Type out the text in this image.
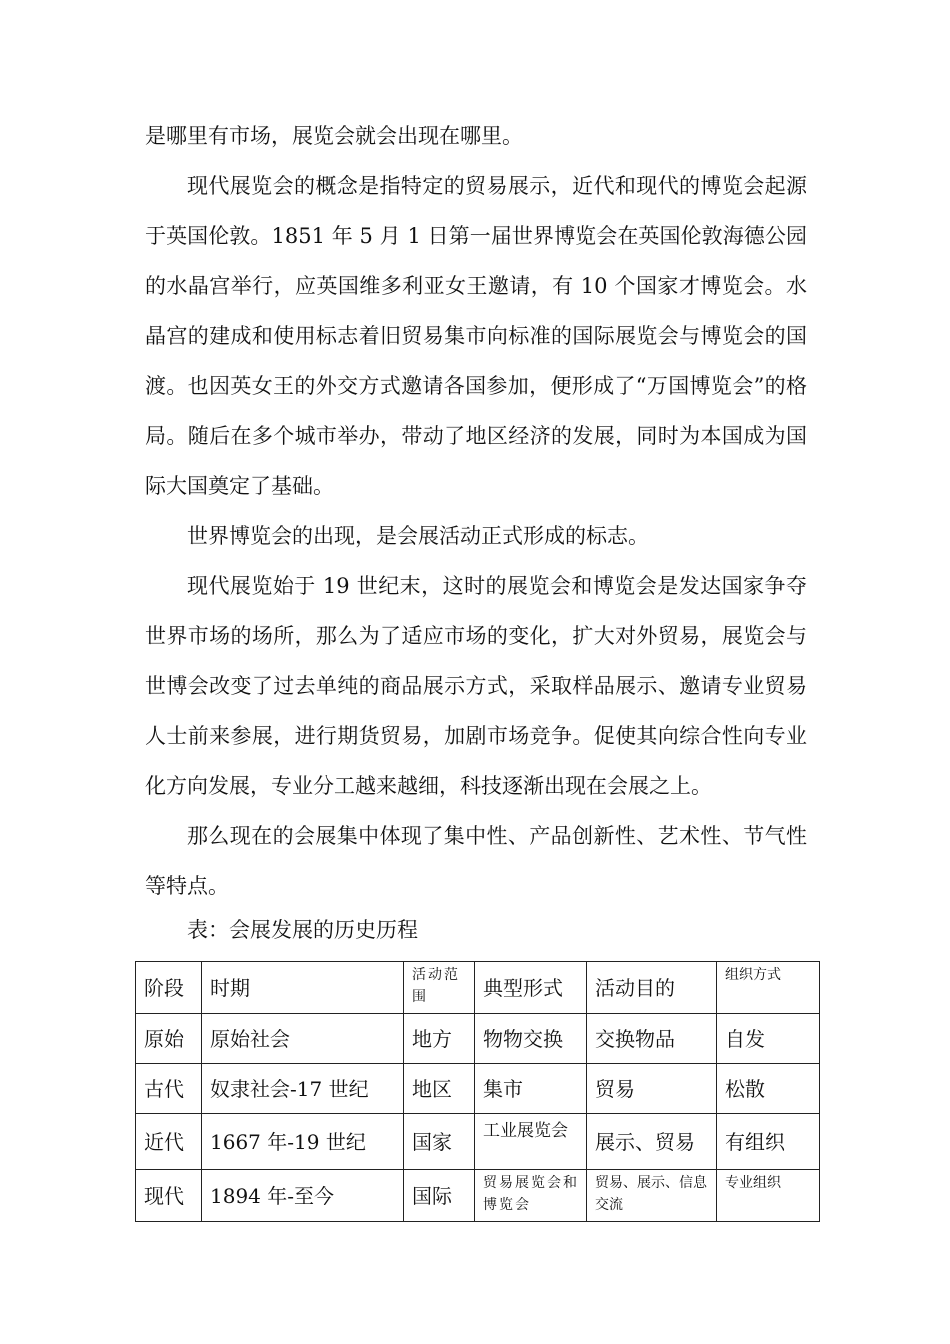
是哪里有市场，展览会就会出现在哪里。

现代展览会的概念是指特定的贸易展示，近代和现代的博览会起源于英国伦敦。1851 年 5 月 1 日第一届世界博览会在英国伦敦海德公园的水晶宫举行，应英国维多利亚女王邀请，有 10 个国家才博览会。水晶宫的建成和使用标志着旧贸易集市向标准的国际展览会与博览会的国渡。也因英女王的外交方式邀请各国参加，便形成了“万国博览会”的格局。随后在多个城市举办，带动了地区经济的发展，同时为本国成为国际大国奠定了基础。

世界博览会的出现，是会展活动正式形成的标志。

现代展览始于 19 世纪末，这时的展览会和博览会是发达国家争夺世界市场的场所，那么为了适应市场的变化，扩大对外贸易，展览会与世博会改变了过去单纯的商品展示方式，采取样品展示、邀请专业贸易人士前来参展，进行期货贸易，加剧市场竞争。促使其向综合性向专业化方向发展，专业分工越来越细，科技逐渐出现在会展之上。

那么现在的会展集中体现了集中性、产品创新性、艺术性、节气性等特点。

表：会展发展的历史历程

阶段	时期	活动范围	典型形式	活动目的	组织方式
原始	原始社会	地方	物物交换	交换物品	自发
古代	奴隶社会-17 世纪	地区	集市	贸易	松散
近代	1667 年-19 世纪	国家	工业展览会	展示、贸易	有组织
现代	1894 年-至今	国际	贸易展览会和博览会	贸易、展示、信息交流	专业组织
